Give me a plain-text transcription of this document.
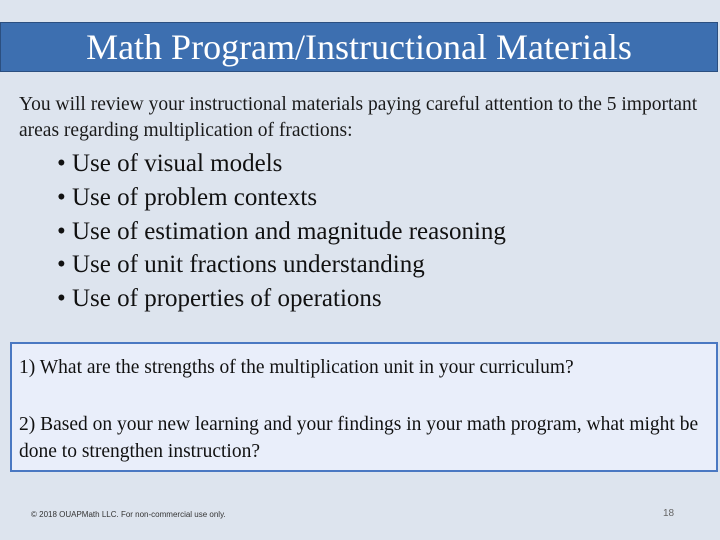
Math Program/Instructional Materials
You will review your instructional materials paying careful attention to the 5 important areas regarding multiplication of fractions:
• Use of visual models
• Use of problem contexts
• Use of estimation and magnitude reasoning
• Use of unit fractions understanding
• Use of properties of operations
1) What are the strengths of the multiplication unit in your curriculum?
2) Based on your new learning and your findings in your math program, what might be done to strengthen instruction?
© 2018 OUAPMath LLC. For non-commercial use only.	18
